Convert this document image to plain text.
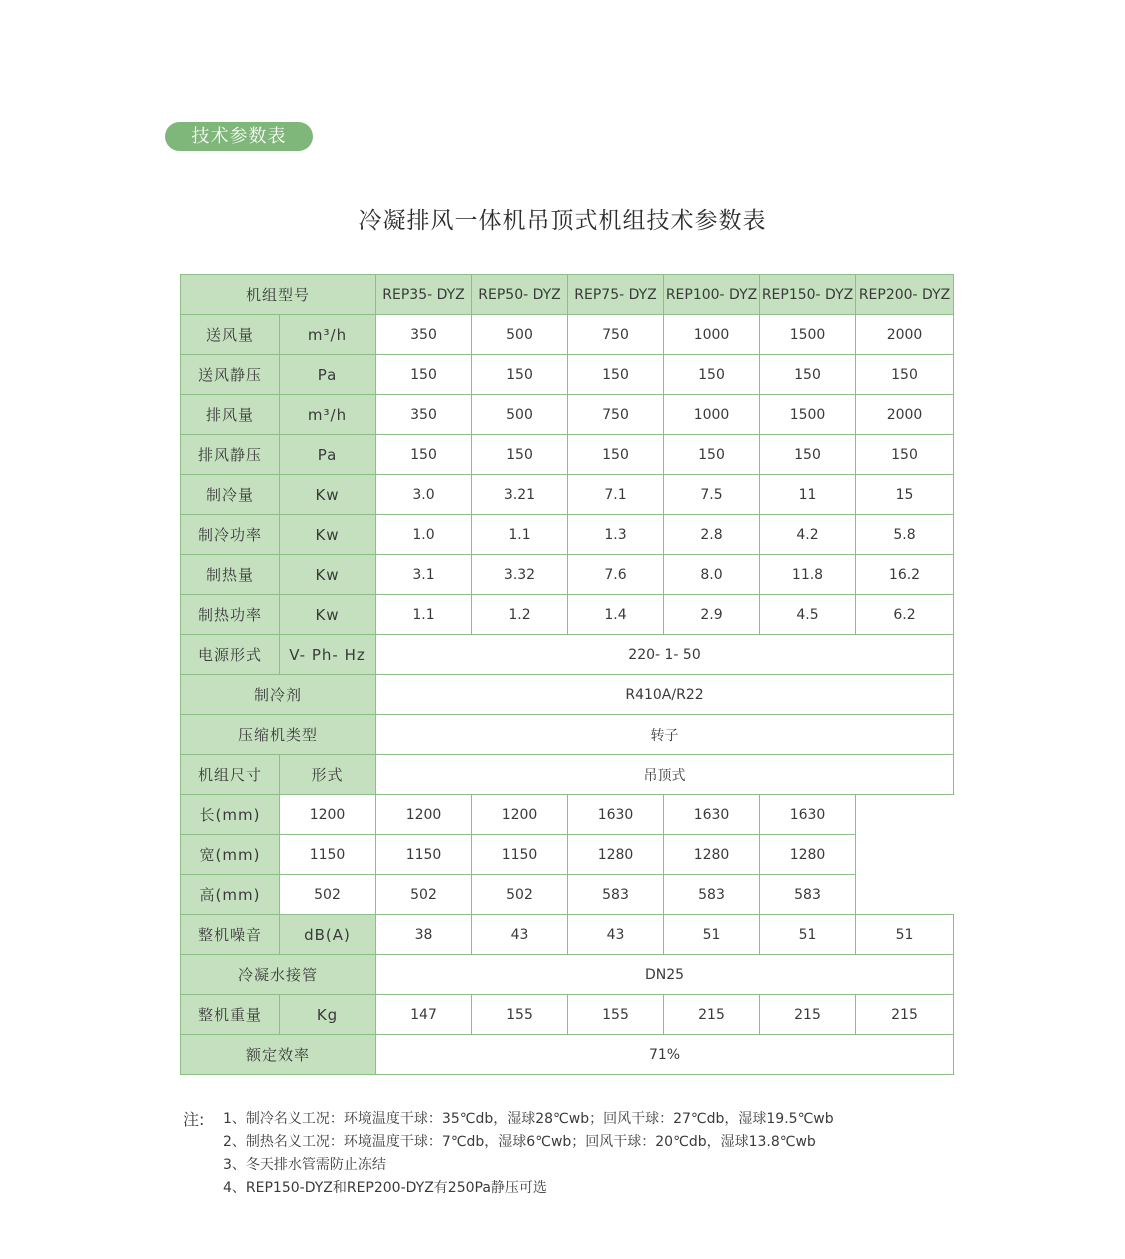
技术参数表
冷凝排风一体机吊顶式机组技术参数表
机组型号		REP35- DYZ	REP50- DYZ	REP75- DYZ	REP100- DYZ	REP150- DYZ	REP200- DYZ
送风量	m³/h	350	500	750	1000	1500	2000
送风静压	Pa	150	150	150	150	150	150
排风量	m³/h	350	500	750	1000	1500	2000
排风静压	Pa	150	150	150	150	150	150
制冷量	Kw	3.0	3.21	7.1	7.5	11	15
制冷功率	Kw	1.0	1.1	1.3	2.8	4.2	5.8
制热量	Kw	3.1	3.32	7.6	8.0	11.8	16.2
制热功率	Kw	1.1	1.2	1.4	2.9	4.5	6.2
电源形式	V- Ph- Hz	220- 1- 50					
制冷剂		R410A/R22					
压缩机类型		转子					
机组尺寸	形式	吊顶式					
长(mm)	1200	1200	1200	1630	1630	1630	
宽(mm)	1150	1150	1150	1280	1280	1280	
高(mm)	502	502	502	583	583	583	
整机噪音	dB(A)	38	43	43	51	51	51
冷凝水接管		DN25					
整机重量	Kg	147	155	155	215	215	215
额定效率		71%					
注: 1、制冷名义工况：环境温度干球：35℃db，湿球28℃wb；回风干球：27℃db，湿球19.5℃wb
2、制热名义工况：环境温度干球：7℃db，湿球6℃wb；回风干球：20℃db，湿球13.8℃wb
3、冬天排水管需防止冻结
4、REP150-DYZ和REP200-DYZ有250Pa静压可选
